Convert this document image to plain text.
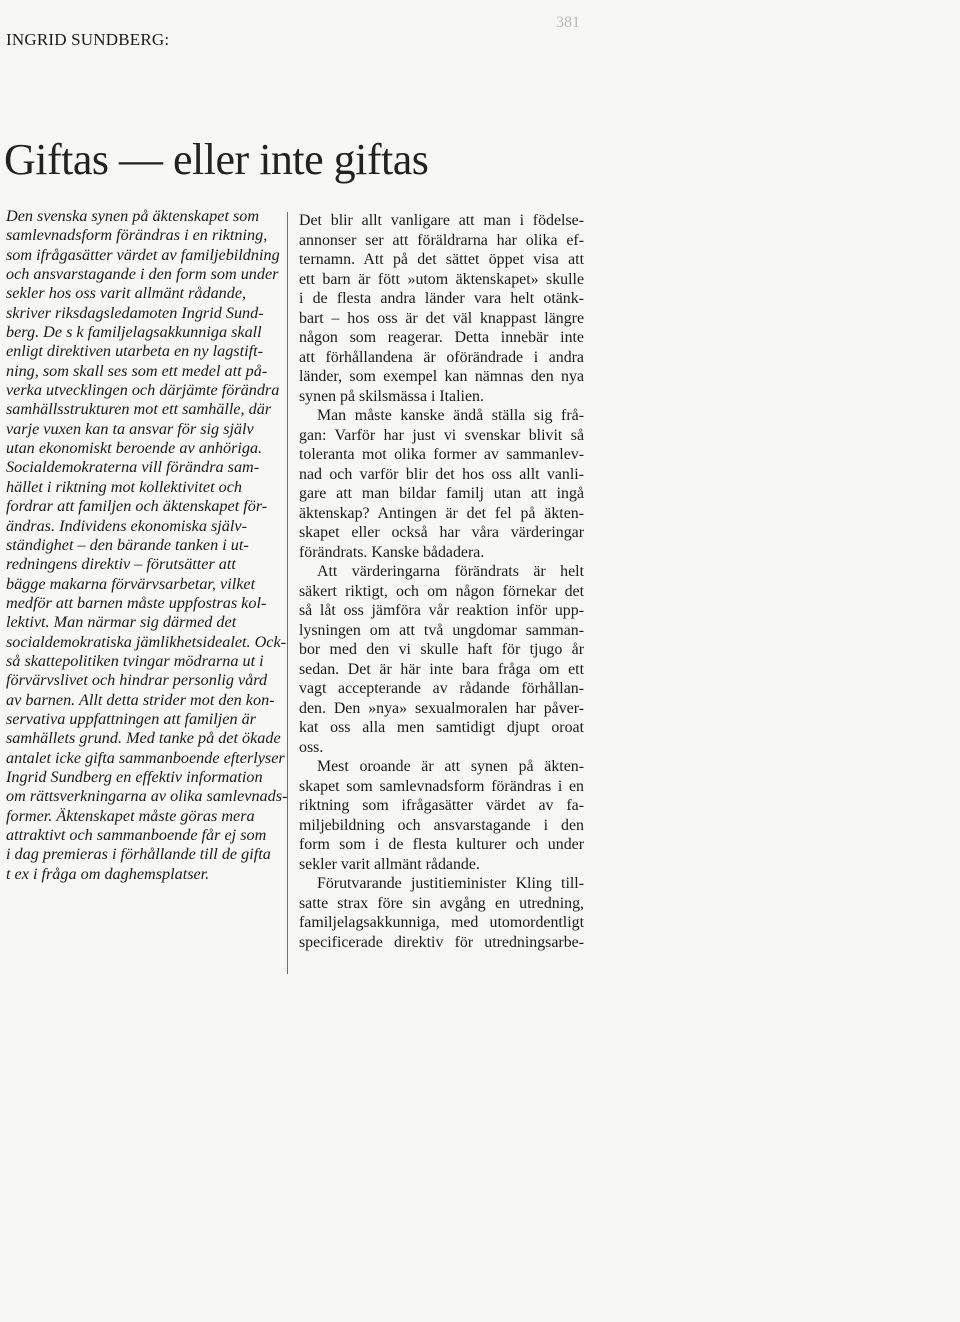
381
INGRID SUNDBERG:
Giftas — eller inte giftas
Den svenska synen på äktenskapet som
samlevnadsform förändras i en riktning,
som ifrågasätter värdet av familjebildning
och ansvarstagande i den form som under
sekler hos oss varit allmänt rådande,
skriver riksdagsledamoten Ingrid Sund-
berg. De s k familjelagsakkunniga skall
enligt direktiven utarbeta en ny lagstift-
ning, som skall ses som ett medel att på-
verka utvecklingen och därjämte förändra
samhällsstrukturen mot ett samhälle, där
varje vuxen kan ta ansvar för sig själv
utan ekonomiskt beroende av anhöriga.
Socialdemokraterna vill förändra sam-
hället i riktning mot kollektivitet och
fordrar att familjen och äktenskapet för-
ändras. Individens ekonomiska själv-
ständighet – den bärande tanken i ut-
redningens direktiv – förutsätter att
bägge makarna förvärvsarbetar, vilket
medför att barnen måste uppfostras kol-
lektivt. Man närmar sig därmed det
socialdemokratiska jämlikhetsidealet. Ock-
så skattepolitiken tvingar mödrarna ut i
förvärvslivet och hindrar personlig vård
av barnen. Allt detta strider mot den kon-
servativa uppfattningen att familjen är
samhällets grund. Med tanke på det ökade
antalet icke gifta sammanboende efterlyser
Ingrid Sundberg en effektiv information
om rättsverkningarna av olika samlevnads-
former. Äktenskapet måste göras mera
attraktivt och sammanboende får ej som
i dag premieras i förhållande till de gifta
t ex i fråga om daghemsplatser.
Det blir allt vanligare att man i födelse-
annonser ser att föräldrarna har olika ef-
ternamn. Att på det sättet öppet visa att
ett barn är fött »utom äktenskapet» skulle
i de flesta andra länder vara helt otänk-
bart – hos oss är det väl knappast längre
någon som reagerar. Detta innebär inte
att förhållandena är oförändrade i andra
länder, som exempel kan nämnas den nya
synen på skilsmässa i Italien.
Man måste kanske ändå ställa sig frå-
gan: Varför har just vi svenskar blivit så
toleranta mot olika former av sammanlev-
nad och varför blir det hos oss allt vanli-
gare att man bildar familj utan att ingå
äktenskap? Antingen är det fel på äkten-
skapet eller också har våra värderingar
förändrats. Kanske bådadera.
Att värderingarna förändrats är helt
säkert riktigt, och om någon förnekar det
så låt oss jämföra vår reaktion inför upp-
lysningen om att två ungdomar samman-
bor med den vi skulle haft för tjugo år
sedan. Det är här inte bara fråga om ett
vagt accepterande av rådande förhållan-
den. Den »nya» sexualmoralen har påver-
kat oss alla men samtidigt djupt oroat
oss.
Mest oroande är att synen på äkten-
skapet som samlevnadsform förändras i en
riktning som ifrågasätter värdet av fa-
miljebildning och ansvarstagande i den
form som i de flesta kulturer och under
sekler varit allmänt rådande.
Förutvarande justitieminister Kling till-
satte strax före sin avgång en utredning,
familjelagsakkunniga, med utomordentligt
specificerade direktiv för utredningsarbe-
